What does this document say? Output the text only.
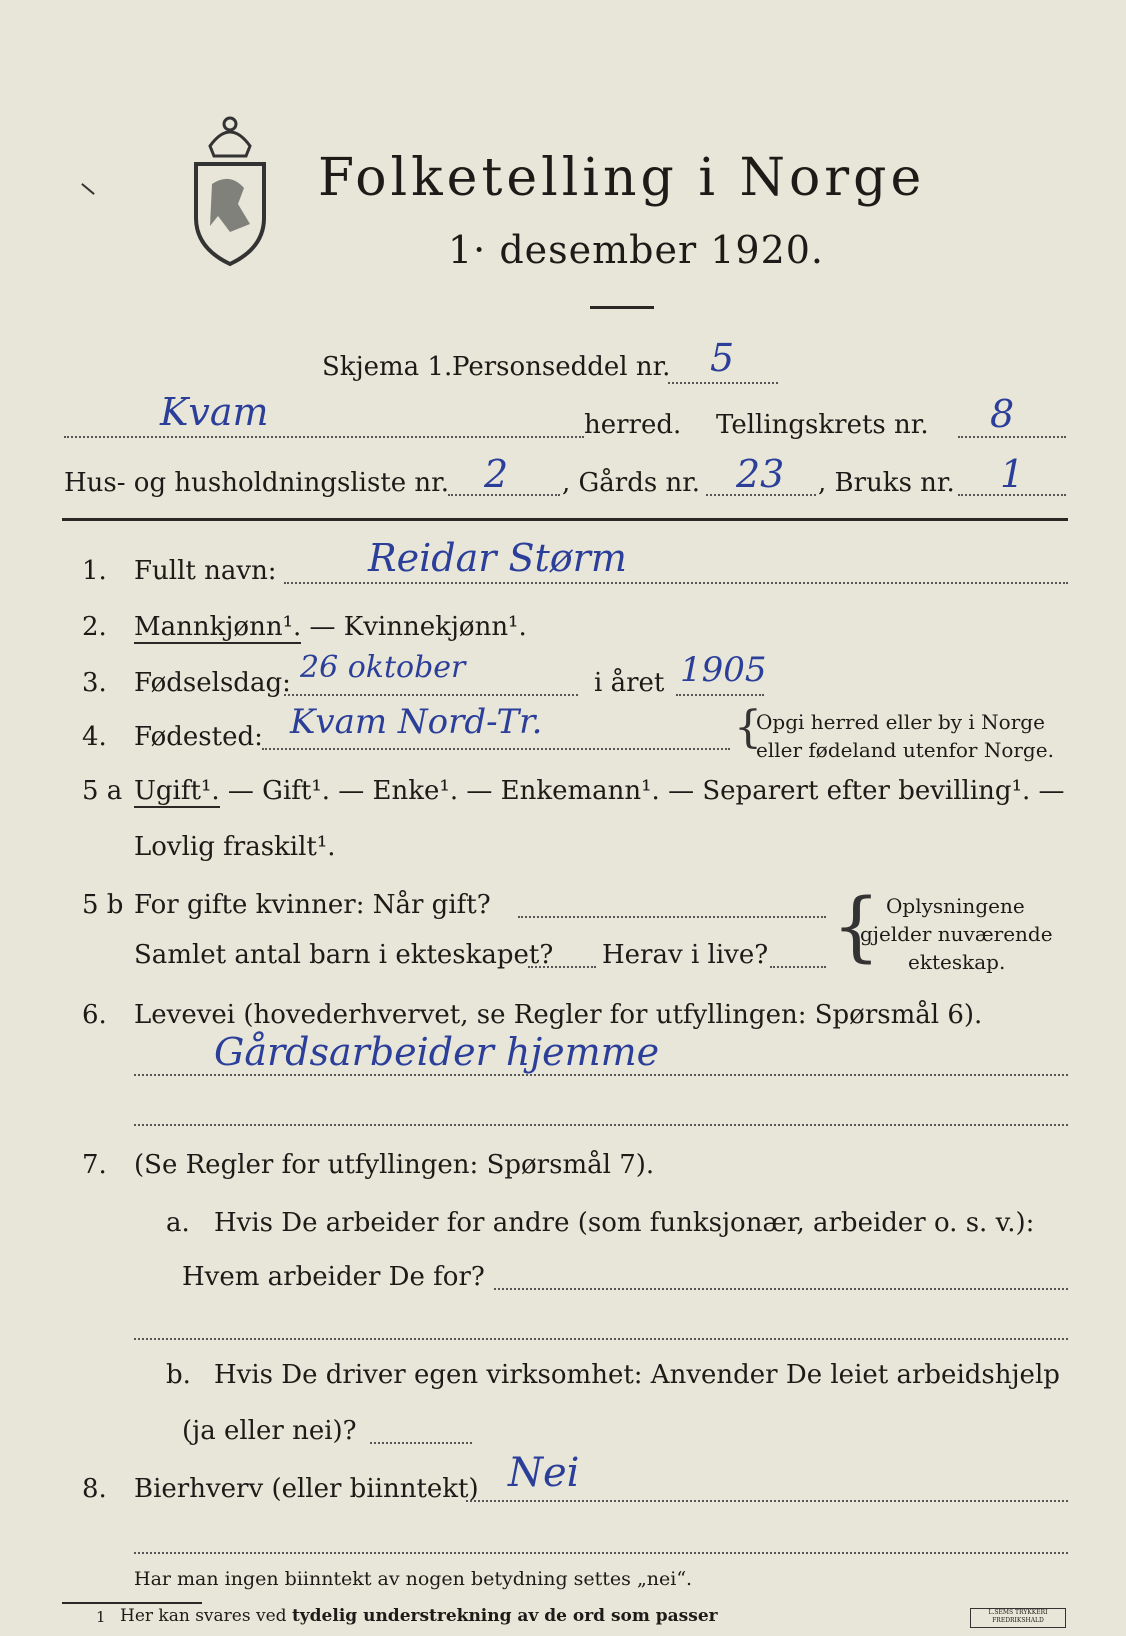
Folketelling i Norge
1· desember 1920.
Skjema 1. Personseddel nr. 5
Kvam	herred. Tellingskrets nr. 8
Hus- og husholdningsliste nr. 2 , Gårds nr. 23 , Bruks nr. 1
1. Fullt navn: Reidar Størm
2. Mannkjønn¹. — Kvinnekjønn¹.
3. Fødselsdag: 26 oktober	i året 1905
4. Fødested: Kvam Nord-Tr.	{
Opgi herred eller by i Norge
eller fødeland utenfor Norge.
5 a Ugift¹. — Gift¹. — Enke¹. — Enkemann¹. — Separert efter bevilling¹. —
Lovlig fraskilt¹.
5 b For gifte kvinner: Når gift?
Samlet antal barn i ekteskapet? Herav i live? { Oplysningene
gjelder nuværende
ekteskap.
6. Levevei (hovederhvervet, se Regler for utfyllingen: Spørsmål 6).
Gårdsarbeider hjemme
7. (Se Regler for utfyllingen: Spørsmål 7).
a. Hvis De arbeider for andre (som funksjonær, arbeider o. s. v.):
Hvem arbeider De for?
b. Hvis De driver egen virksomhet: Anvender De leiet arbeidshjelp
(ja eller nei)?
8. Bierhverv (eller biinntekt) Nei
Har man ingen biinntekt av nogen betydning settes „nei“.
1 Her kan svares ved tydelig understrekning av de ord som passer	L.SEMS TRYKKERI FREDRIKSHALD
